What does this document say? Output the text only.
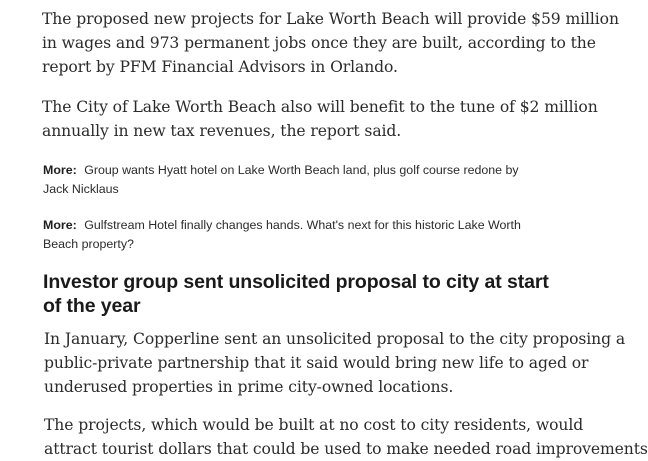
The proposed new projects for Lake Worth Beach will provide $59 million
in wages and 973 permanent jobs once they are built, according to the
report by PFM Financial Advisors in Orlando.

The City of Lake Worth Beach also will benefit to the tune of $2 million
annually in new tax revenues, the report said.

More: Group wants Hyatt hotel on Lake Worth Beach land, plus golf course redone by
Jack Nicklaus

More: Gulfstream Hotel finally changes hands. What's next for this historic Lake Worth
Beach property?

Investor group sent unsolicited proposal to city at start
of the year

In January, Copperline sent an unsolicited proposal to the city proposing a
public-private partnership that it said would bring new life to aged or
underused properties in prime city-owned locations.

The projects, which would be built at no cost to city residents, would
attract tourist dollars that could be used to make needed road improvements
